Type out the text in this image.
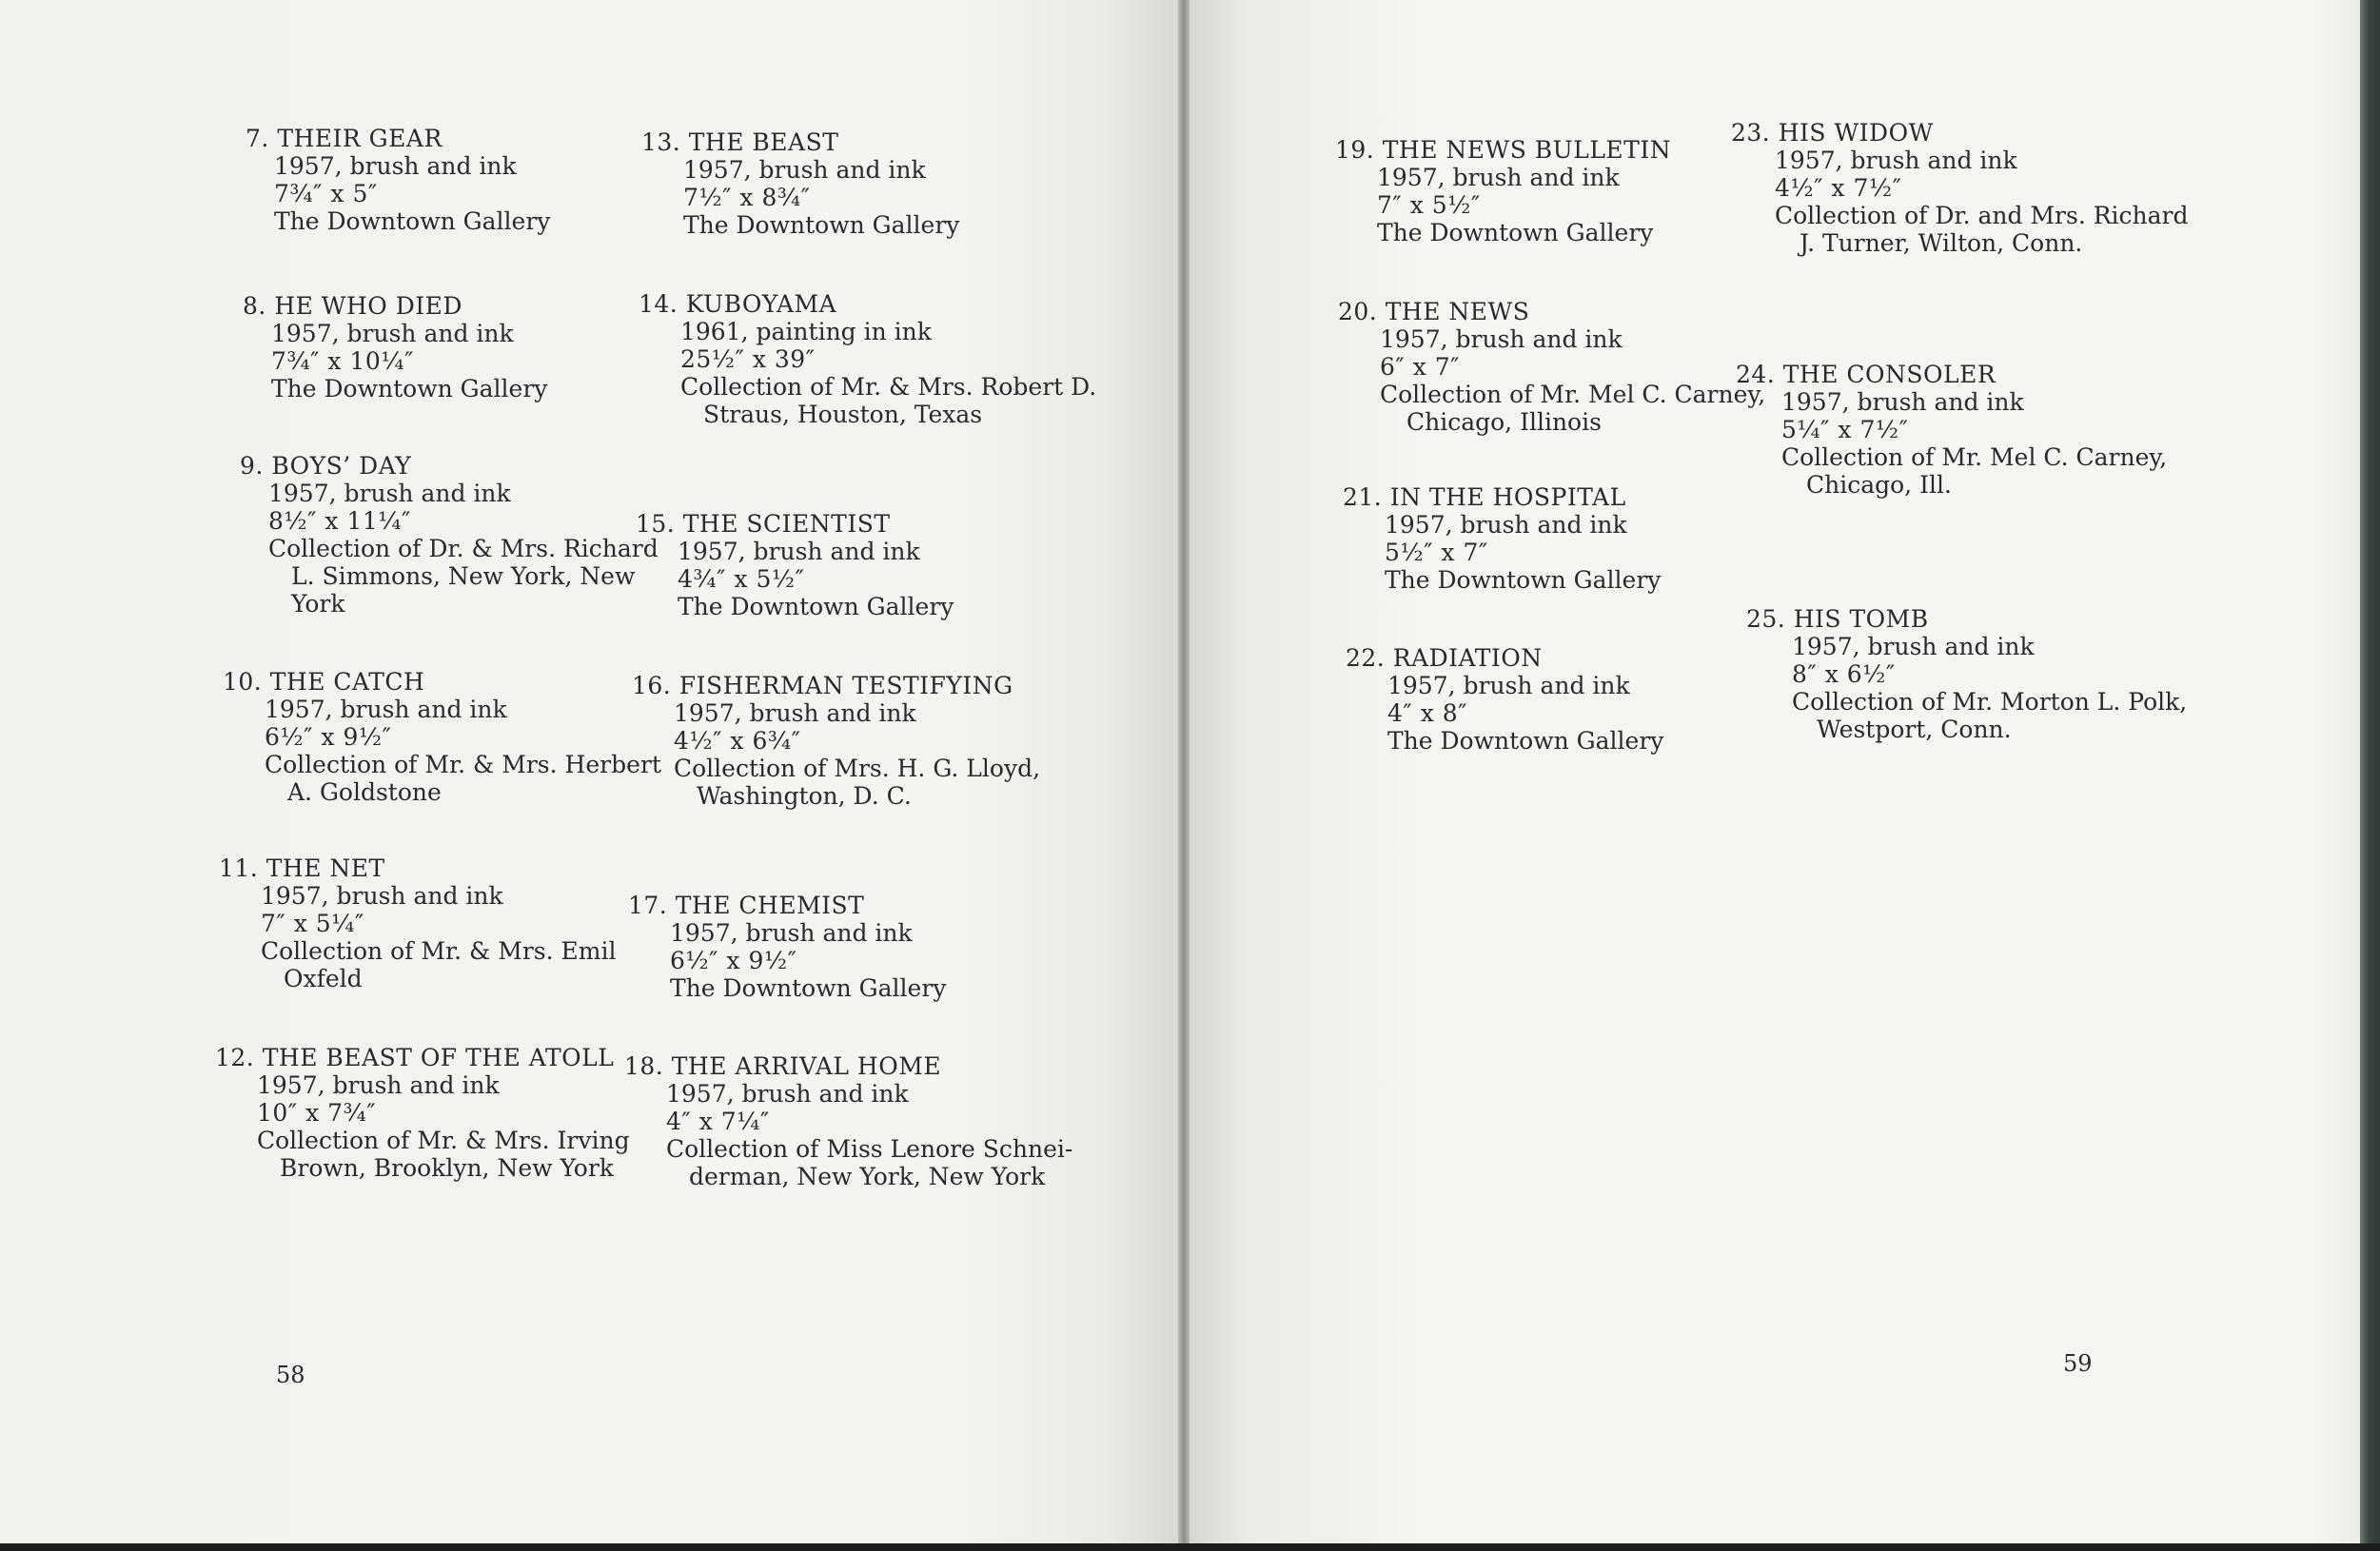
7. THEIR GEAR
1957, brush and ink
7¾″ x 5″
The Downtown Gallery
8. HE WHO DIED
1957, brush and ink
7¾″ x 10¼″
The Downtown Gallery
9. BOYS’ DAY
1957, brush and ink
8½″ x 11¼″
Collection of Dr. & Mrs. Richard
L. Simmons, New York, New
York
10. THE CATCH
1957, brush and ink
6½″ x 9½″
Collection of Mr. & Mrs. Herbert
A. Goldstone
11. THE NET
1957, brush and ink
7″ x 5¼″
Collection of Mr. & Mrs. Emil
Oxfeld
12. THE BEAST OF THE ATOLL
1957, brush and ink
10″ x 7¾″
Collection of Mr. & Mrs. Irving
Brown, Brooklyn, New York
13. THE BEAST
1957, brush and ink
7½″ x 8¾″
The Downtown Gallery
14. KUBOYAMA
1961, painting in ink
25½″ x 39″
Collection of Mr. & Mrs. Robert D.
Straus, Houston, Texas
15. THE SCIENTIST
1957, brush and ink
4¾″ x 5½″
The Downtown Gallery
16. FISHERMAN TESTIFYING
1957, brush and ink
4½″ x 6¾″
Collection of Mrs. H. G. Lloyd,
Washington, D. C.
17. THE CHEMIST
1957, brush and ink
6½″ x 9½″
The Downtown Gallery
18. THE ARRIVAL HOME
1957, brush and ink
4″ x 7¼″
Collection of Miss Lenore Schnei-
derman, New York, New York
58
19. THE NEWS BULLETIN
1957, brush and ink
7″ x 5½″
The Downtown Gallery
20. THE NEWS
1957, brush and ink
6″ x 7″
Collection of Mr. Mel C. Carney,
Chicago, Illinois
21. IN THE HOSPITAL
1957, brush and ink
5½″ x 7″
The Downtown Gallery
22. RADIATION
1957, brush and ink
4″ x 8″
The Downtown Gallery
23. HIS WIDOW
1957, brush and ink
4½″ x 7½″
Collection of Dr. and Mrs. Richard
J. Turner, Wilton, Conn.
24. THE CONSOLER
1957, brush and ink
5¼″ x 7½″
Collection of Mr. Mel C. Carney,
Chicago, Ill.
25. HIS TOMB
1957, brush and ink
8″ x 6½″
Collection of Mr. Morton L. Polk,
Westport, Conn.
59
